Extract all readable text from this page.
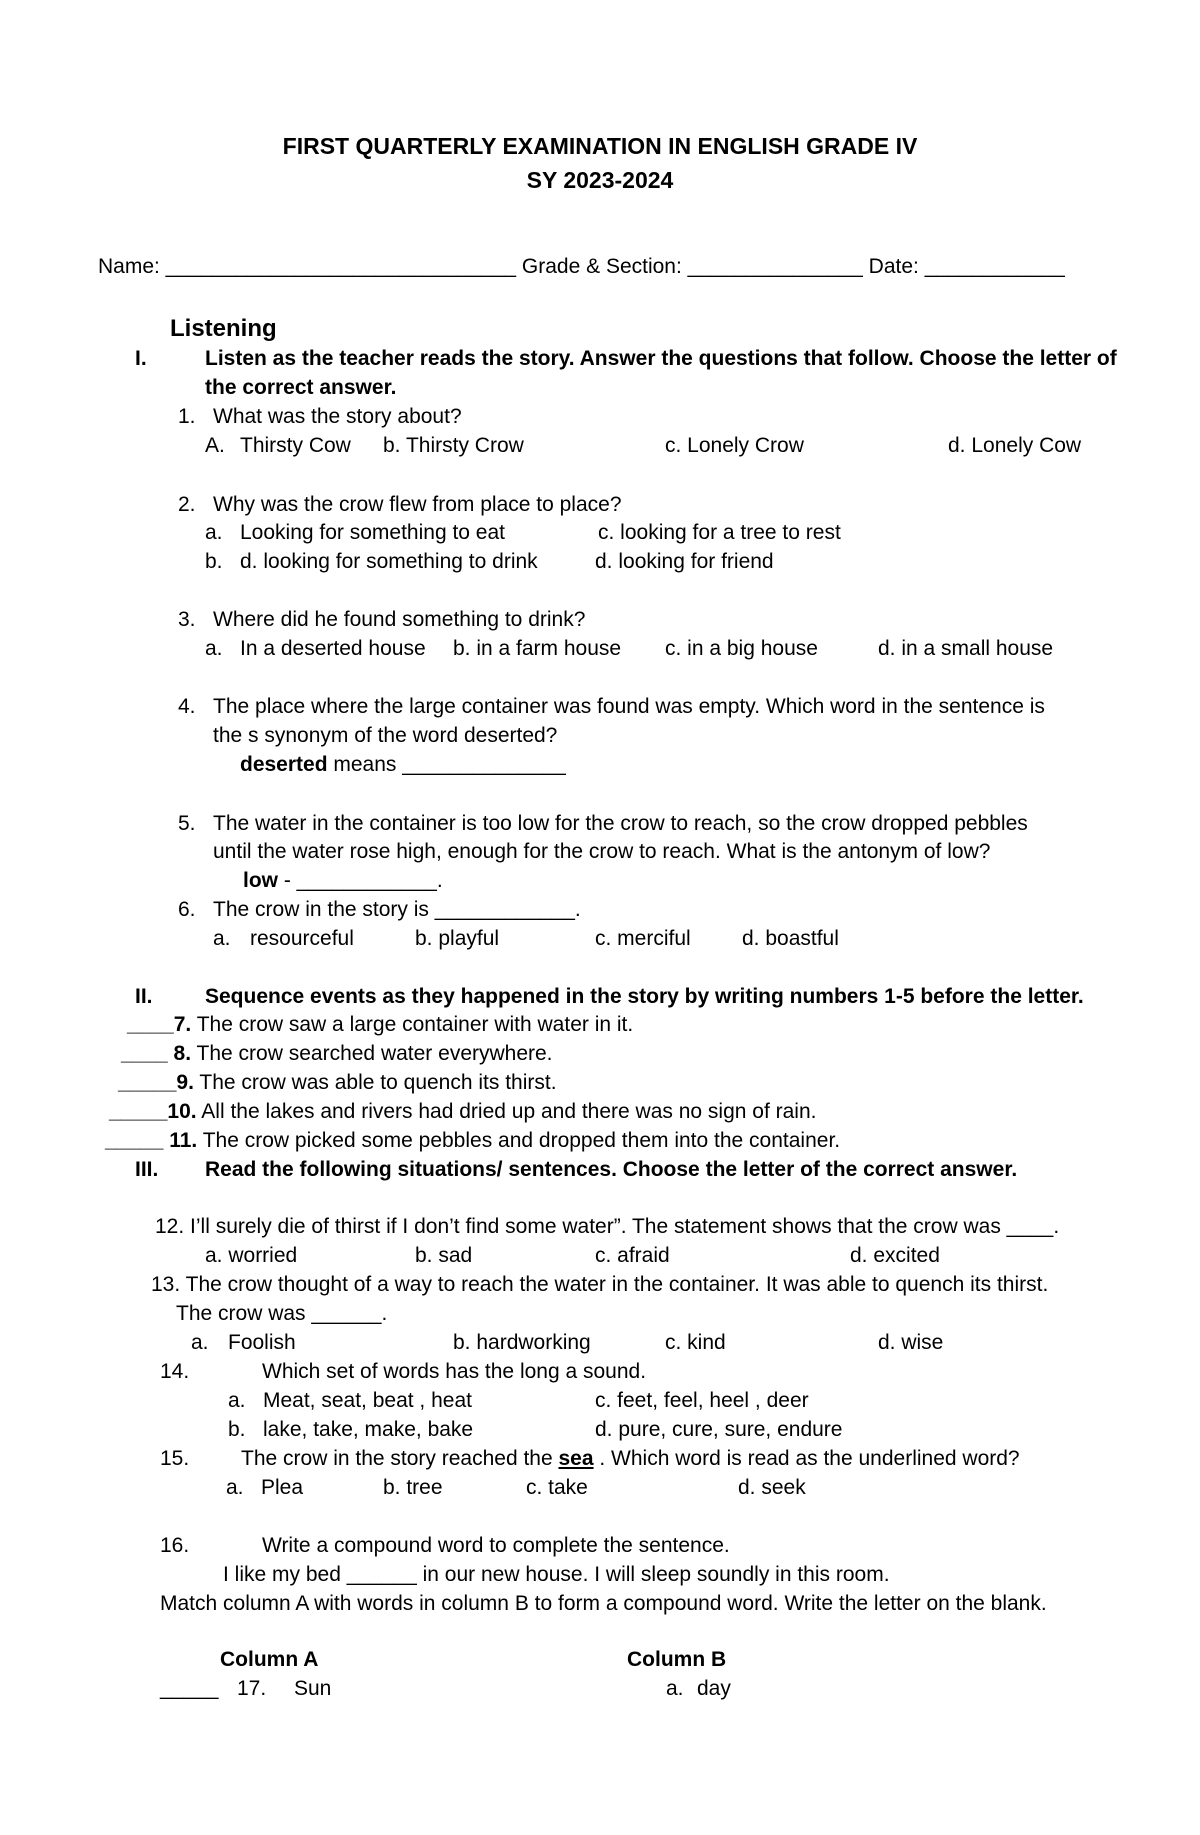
FIRST QUARTERLY EXAMINATION IN ENGLISH GRADE IV
SY 2023-2024
Name: ______________________________ Grade & Section: _______________ Date: ____________
Listening
I.	Listen as the teacher reads the story. Answer the questions that follow. Choose the letter of
the correct answer.
1. What was the story about?
A. Thirsty Cow b. Thirsty Crow	c. Lonely Crow	d. Lonely Cow
2. Why was the crow flew from place to place?
a. Looking for something to eat	c. looking for a tree to rest
b. d. looking for something to drink	d. looking for friend
3. Where did he found something to drink?
a. In a deserted house b. in a farm house c. in a big house	d. in a small house
4. The place where the large container was found was empty. Which word in the sentence is
the s synonym of the word deserted?
deserted means ______________
5. The water in the container is too low for the crow to reach, so the crow dropped pebbles
until the water rose high, enough for the crow to reach. What is the antonym of low?
low - ____________.
6. The crow in the story is ____________.
a. resourceful	b. playful	c. merciful d. boastful
II. Sequence events as they happened in the story by writing numbers 1-5 before the letter.
____7. The crow saw a large container with water in it.
____ 8. The crow searched water everywhere.
_____9. The crow was able to quench its thirst.
_____10. All the lakes and rivers had dried up and there was no sign of rain.
_____ 11. The crow picked some pebbles and dropped them into the container.
III. Read the following situations/ sentences. Choose the letter of the correct answer.
12. I’ll surely die of thirst if I don’t find some water”. The statement shows that the crow was ____.
a. worried	b. sad	c. afraid	d. excited
13. The crow thought of a way to reach the water in the container. It was able to quench its thirst.
The crow was ______.
a. Foolish	b. hardworking	c. kind	d. wise
14.	Which set of words has the long a sound.
a. Meat, seat, beat , heat	c. feet, feel, heel , deer
b. lake, take, make, bake	d. pure, cure, sure, endure
15. The crow in the story reached the sea . Which word is read as the underlined word?
a. Plea	b. tree	c. take	d. seek
16.	Write a compound word to complete the sentence.
I like my bed ______ in our new house. I will sleep soundly in this room.
Match column A with words in column B to form a compound word. Write the letter on the blank.
Column A	Column B
_____ 17. Sun	a. day
